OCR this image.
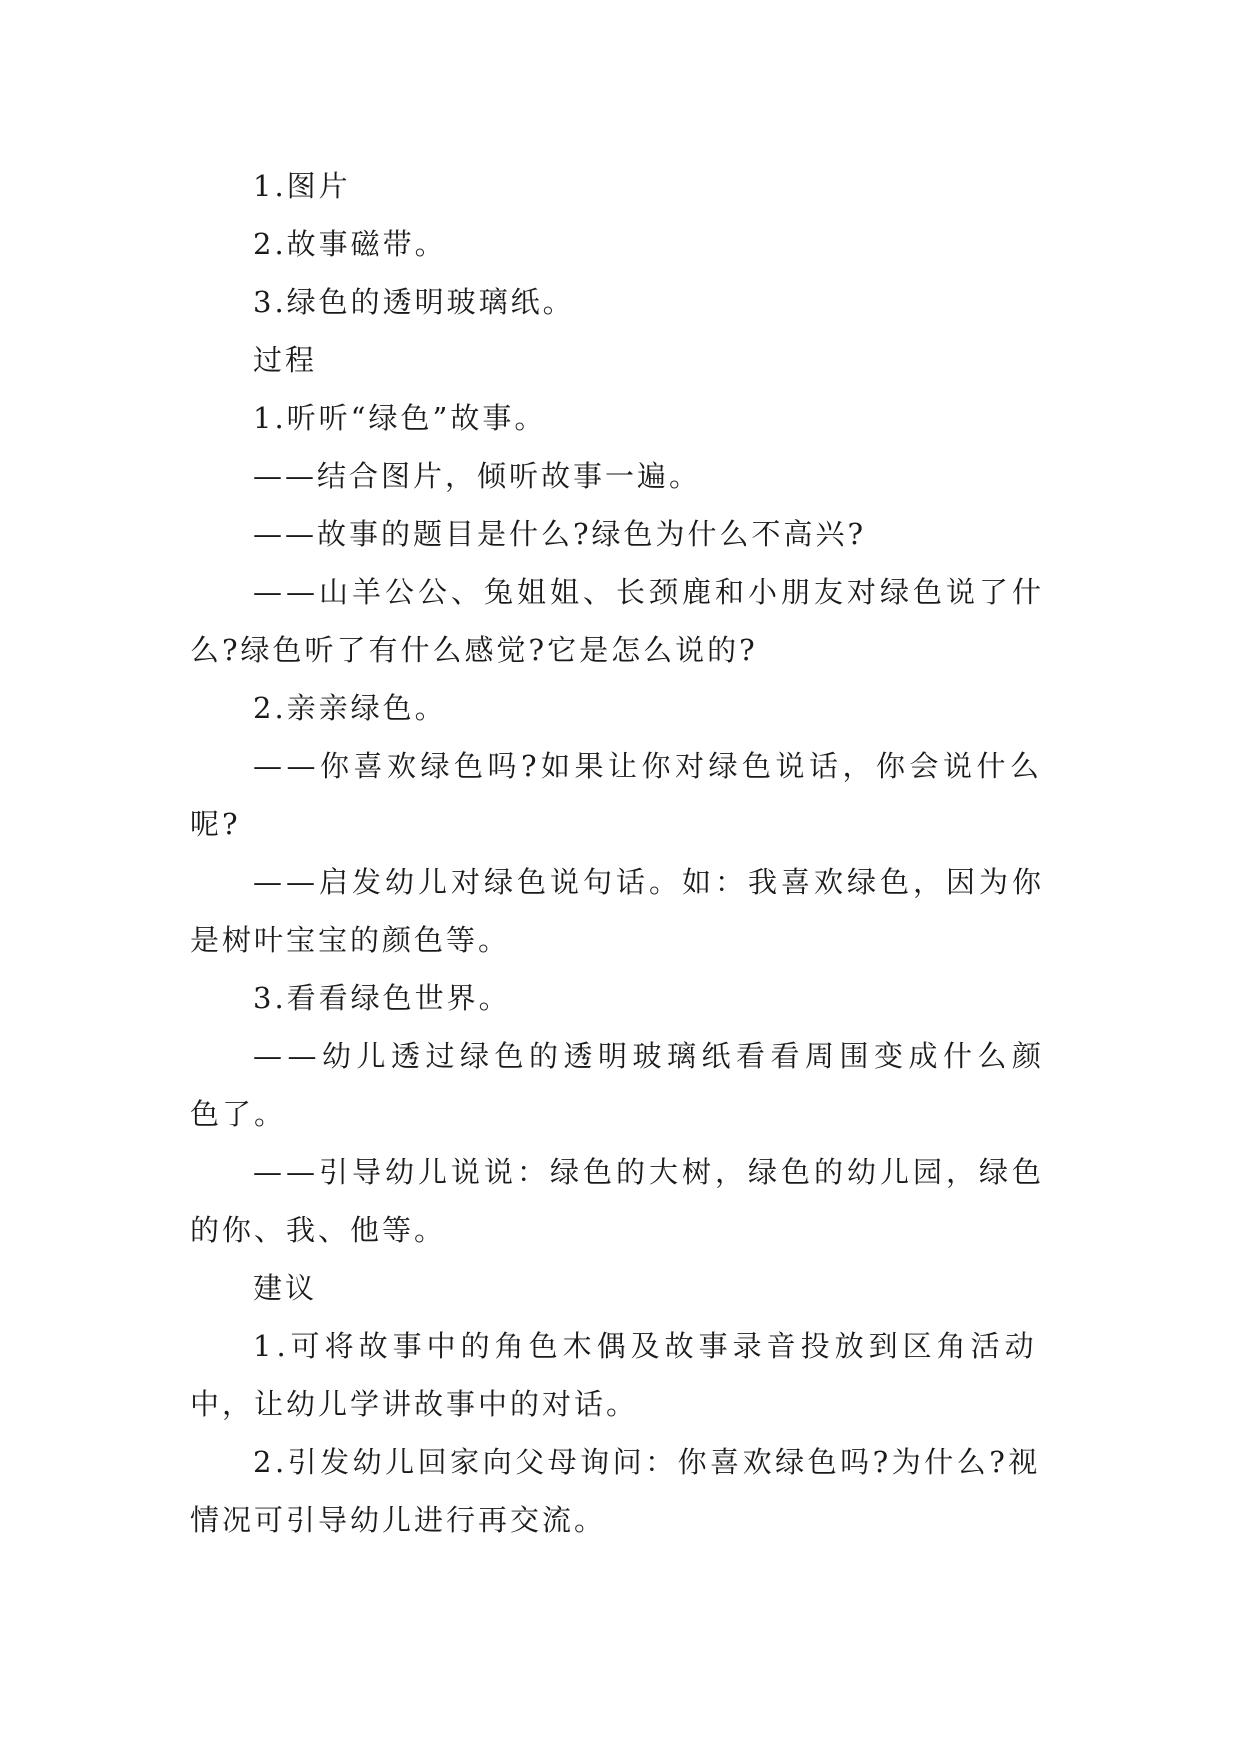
1.图片

2.故事磁带。

3.绿色的透明玻璃纸。

过程

1.听听“绿色”故事。

——结合图片，倾听故事一遍。

——故事的题目是什么?绿色为什么不高兴?

——山羊公公、兔姐姐、长颈鹿和小朋友对绿色说了什

么?绿色听了有什么感觉?它是怎么说的?

2.亲亲绿色。

——你喜欢绿色吗?如果让你对绿色说话，你会说什么

呢?

——启发幼儿对绿色说句话。如：我喜欢绿色，因为你

是树叶宝宝的颜色等。

3.看看绿色世界。

——幼儿透过绿色的透明玻璃纸看看周围变成什么颜

色了。

——引导幼儿说说：绿色的大树，绿色的幼儿园，绿色

的你、我、他等。

建议

1.可将故事中的角色木偶及故事录音投放到区角活动

中，让幼儿学讲故事中的对话。

2.引发幼儿回家向父母询问：你喜欢绿色吗?为什么?视

情况可引导幼儿进行再交流。
